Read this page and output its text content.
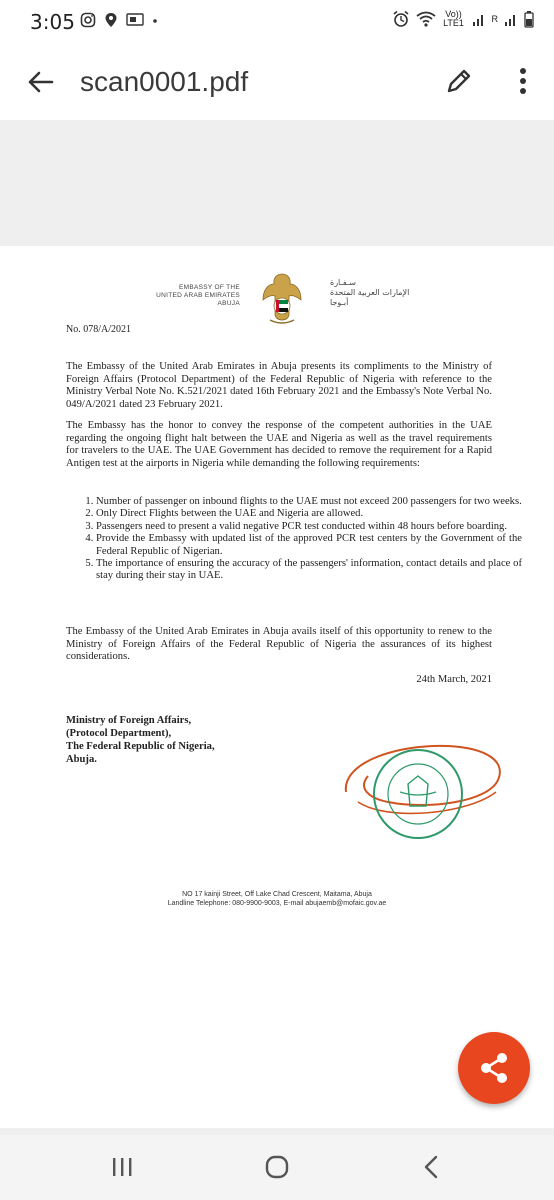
3:05	Vo)) LTE1	R
scan0001.pdf
EMBASSY OF THE
UNITED ARAB EMIRATES
ABUJA
سـفـارة
الإمارات العربية المتحدة
أبـوجا
No. 078/A/2021
The Embassy of the United Arab Emirates in Abuja presents its compliments to the Ministry of Foreign Affairs (Protocol Department) of the Federal Republic of Nigeria with reference to the Ministry Verbal Note No. K.521/2021 dated 16th February 2021 and the Embassy's Note Verbal No. 049/A/2021 dated 23 February 2021.
The Embassy has the honor to convey the response of the competent authorities in the UAE regarding the ongoing flight halt between the UAE and Nigeria as well as the travel requirements for travelers to the UAE. The UAE Government has decided to remove the requirement for a Rapid Antigen test at the airports in Nigeria while demanding the following requirements:
1. Number of passenger on inbound flights to the UAE must not exceed 200 passengers for two weeks.
2. Only Direct Flights between the UAE and Nigeria are allowed.
3. Passengers need to present a valid negative PCR test conducted within 48 hours before boarding.
4. Provide the Embassy with updated list of the approved PCR test centers by the Government of the Federal Republic of Nigerian.
5. The importance of ensuring the accuracy of the passengers' information, contact details and place of stay during their stay in UAE.
The Embassy of the United Arab Emirates in Abuja avails itself of this opportunity to renew to the Ministry of Foreign Affairs of the Federal Republic of Nigeria the assurances of its highest considerations.
24th March, 2021
Ministry of Foreign Affairs,
(Protocol Department),
The Federal Republic of Nigeria,
Abuja.
NO 17 kainji Street, Off Lake Chad Crescent, Maitama, Abuja
Landline Telephone: 080-9900-9003, E-mail abujaemb@mofaic.gov.ae
